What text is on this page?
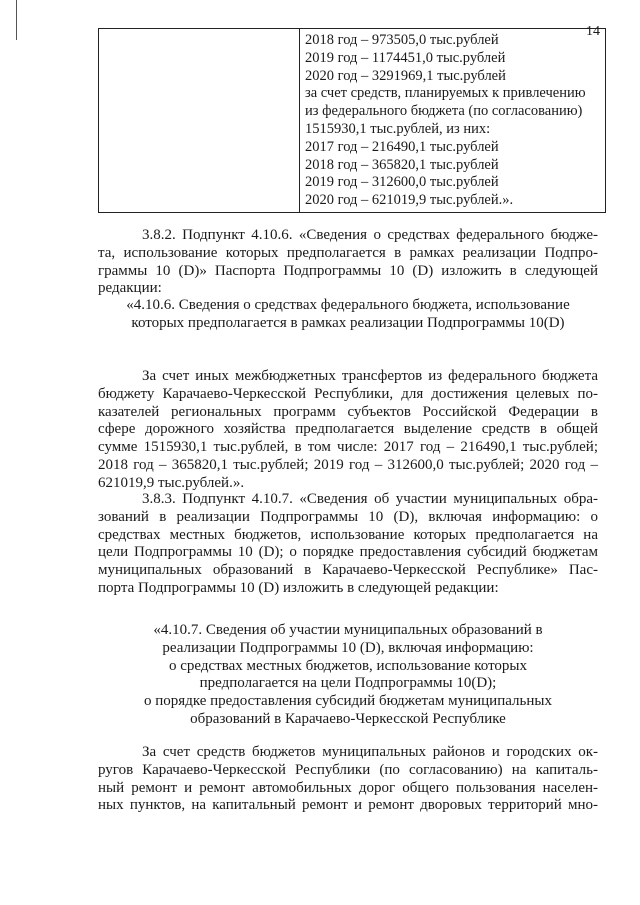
14

2018 год – 973505,0 тыс.рублей
2019 год – 1174451,0 тыс.рублей
2020 год – 3291969,1 тыс.рублей
за счет средств, планируемых к привлечению
из федерального бюджета (по согласованию)
1515930,1 тыс.рублей, из них:
2017 год – 216490,1 тыс.рублей
2018 год – 365820,1 тыс.рублей
2019 год – 312600,0 тыс.рублей
2020 год – 621019,9 тыс.рублей.».
3.8.2. Подпункт 4.10.6. «Сведения о средствах федерального бюдже-
та, использование которых предполагается в рамках реализации Подпро-
граммы 10 (D)» Паспорта Подпрограммы 10 (D) изложить в следующей
редакции:
«4.10.6. Сведения о средствах федерального бюджета, использование
которых предполагается в рамках реализации Подпрограммы 10(D)
За счет иных межбюджетных трансфертов из федерального бюджета
бюджету Карачаево-Черкесской Республики, для достижения целевых по-
казателей региональных программ субъектов Российской Федерации в
сфере дорожного хозяйства предполагается выделение средств в общей
сумме 1515930,1 тыс.рублей, в том числе: 2017 год – 216490,1 тыс.рублей;
2018 год – 365820,1 тыс.рублей; 2019 год – 312600,0 тыс.рублей; 2020 год –
621019,9 тыс.рублей.».
3.8.3. Подпункт 4.10.7. «Сведения об участии муниципальных обра-
зований в реализации Подпрограммы 10 (D), включая информацию: о
средствах местных бюджетов, использование которых предполагается на
цели Подпрограммы 10 (D); о порядке предоставления субсидий бюджетам
муниципальных образований в Карачаево-Черкесской Республике» Пас-
порта Подпрограммы 10 (D) изложить в следующей редакции:
«4.10.7. Сведения об участии муниципальных образований в
реализации Подпрограммы 10 (D), включая информацию:
о средствах местных бюджетов, использование которых
предполагается на цели Подпрограммы 10(D);
о порядке предоставления субсидий бюджетам муниципальных
образований в Карачаево-Черкесской Республике
За счет средств бюджетов муниципальных районов и городских ок-
ругов Карачаево-Черкесской Республики (по согласованию) на капиталь-
ный ремонт и ремонт автомобильных дорог общего пользования населен-
ных пунктов, на капитальный ремонт и ремонт дворовых территорий мно-
